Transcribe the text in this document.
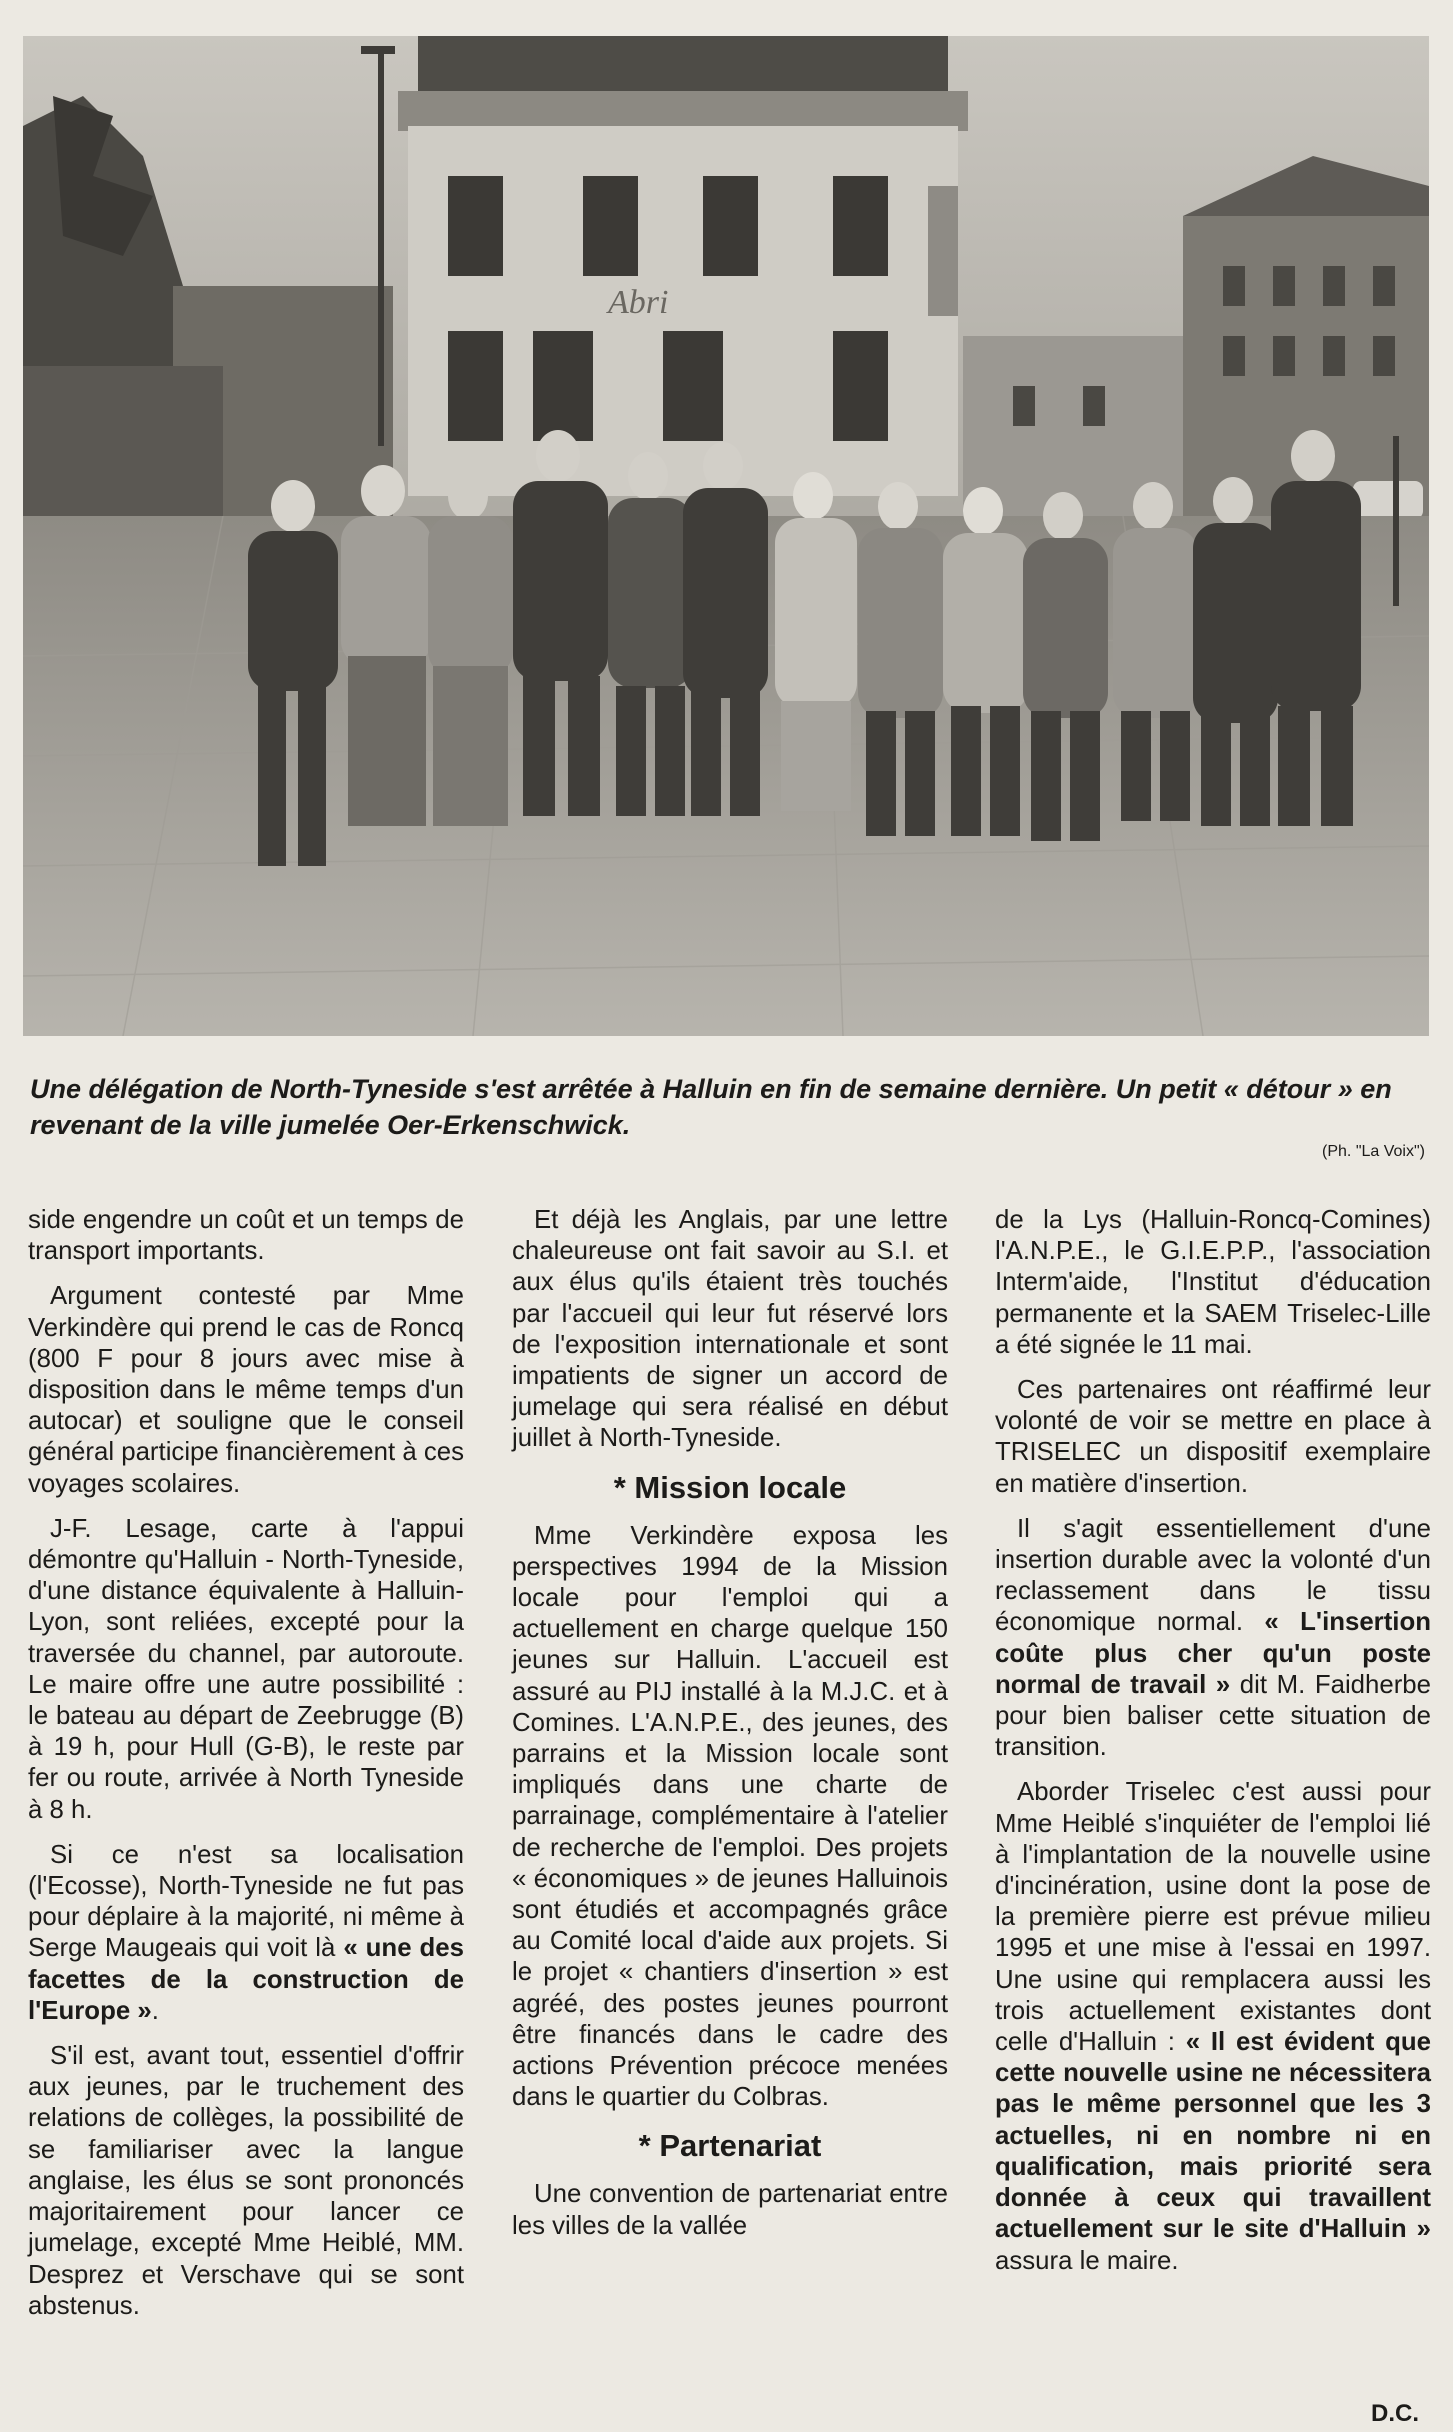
Abri

Une délégation de North-Tyneside s'est arrêtée à Halluin en fin de semaine dernière. Un petit « détour » en revenant de la ville jumelée Oer-Erkenschwick.

(Ph. "La Voix")

side engendre un coût et un temps de transport importants.

Argument contesté par Mme Verkindère qui prend le cas de Roncq (800 F pour 8 jours avec mise à disposition dans le même temps d'un autocar) et souligne que le conseil général participe financièrement à ces voyages scolaires.

J-F. Lesage, carte à l'appui démontre qu'Halluin - North-Tyneside, d'une distance équivalente à Halluin-Lyon, sont reliées, excepté pour la traversée du channel, par autoroute. Le maire offre une autre possibilité : le bateau au départ de Zeebrugge (B) à 19 h, pour Hull (G-B), le reste par fer ou route, arrivée à North Tyneside à 8 h.

Si ce n'est sa localisation (l'Ecosse), North-Tyneside ne fut pas pour déplaire à la majorité, ni même à Serge Maugeais qui voit là « une des facettes de la construction de l'Europe ».

S'il est, avant tout, essentiel d'offrir aux jeunes, par le truchement des relations de collèges, la possibilité de se familiariser avec la langue anglaise, les élus se sont prononcés majoritairement pour lancer ce jumelage, excepté Mme Heiblé, MM. Desprez et Verschave qui se sont abstenus.

Et déjà les Anglais, par une lettre chaleureuse ont fait savoir au S.I. et aux élus qu'ils étaient très touchés par l'accueil qui leur fut réservé lors de l'exposition internationale et sont impatients de signer un accord de jumelage qui sera réalisé en début juillet à North-Tyneside.

* Mission locale

Mme Verkindère exposa les perspectives 1994 de la Mission locale pour l'emploi qui a actuellement en charge quelque 150 jeunes sur Halluin. L'accueil est assuré au PIJ installé à la M.J.C. et à Comines. L'A.N.P.E., des jeunes, des parrains et la Mission locale sont impliqués dans une charte de parrainage, complémentaire à l'atelier de recherche de l'emploi. Des projets « économiques » de jeunes Halluinois sont étudiés et accompagnés grâce au Comité local d'aide aux projets. Si le projet « chantiers d'insertion » est agréé, des postes jeunes pourront être financés dans le cadre des actions Prévention précoce menées dans le quartier du Colbras.

* Partenariat

Une convention de partenariat entre les villes de la vallée

de la Lys (Halluin-Roncq-Comines) l'A.N.P.E., le G.I.E.P.P., l'association Interm'aide, l'Institut d'éducation permanente et la SAEM Triselec-Lille a été signée le 11 mai.

Ces partenaires ont réaffirmé leur volonté de voir se mettre en place à TRISELEC un dispositif exemplaire en matière d'insertion.

Il s'agit essentiellement d'une insertion durable avec la volonté d'un reclassement dans le tissu économique normal. « L'insertion coûte plus cher qu'un poste normal de travail » dit M. Faidherbe pour bien baliser cette situation de transition.

Aborder Triselec c'est aussi pour Mme Heiblé s'inquiéter de l'emploi lié à l'implantation de la nouvelle usine d'incinération, usine dont la pose de la première pierre est prévue milieu 1995 et une mise à l'essai en 1997. Une usine qui remplacera aussi les trois actuellement existantes dont celle d'Halluin : « Il est évident que cette nouvelle usine ne nécessitera pas le même personnel que les 3 actuelles, ni en nombre ni en qualification, mais priorité sera donnée à ceux qui travaillent actuellement sur le site d'Halluin » assura le maire.

D.C.
